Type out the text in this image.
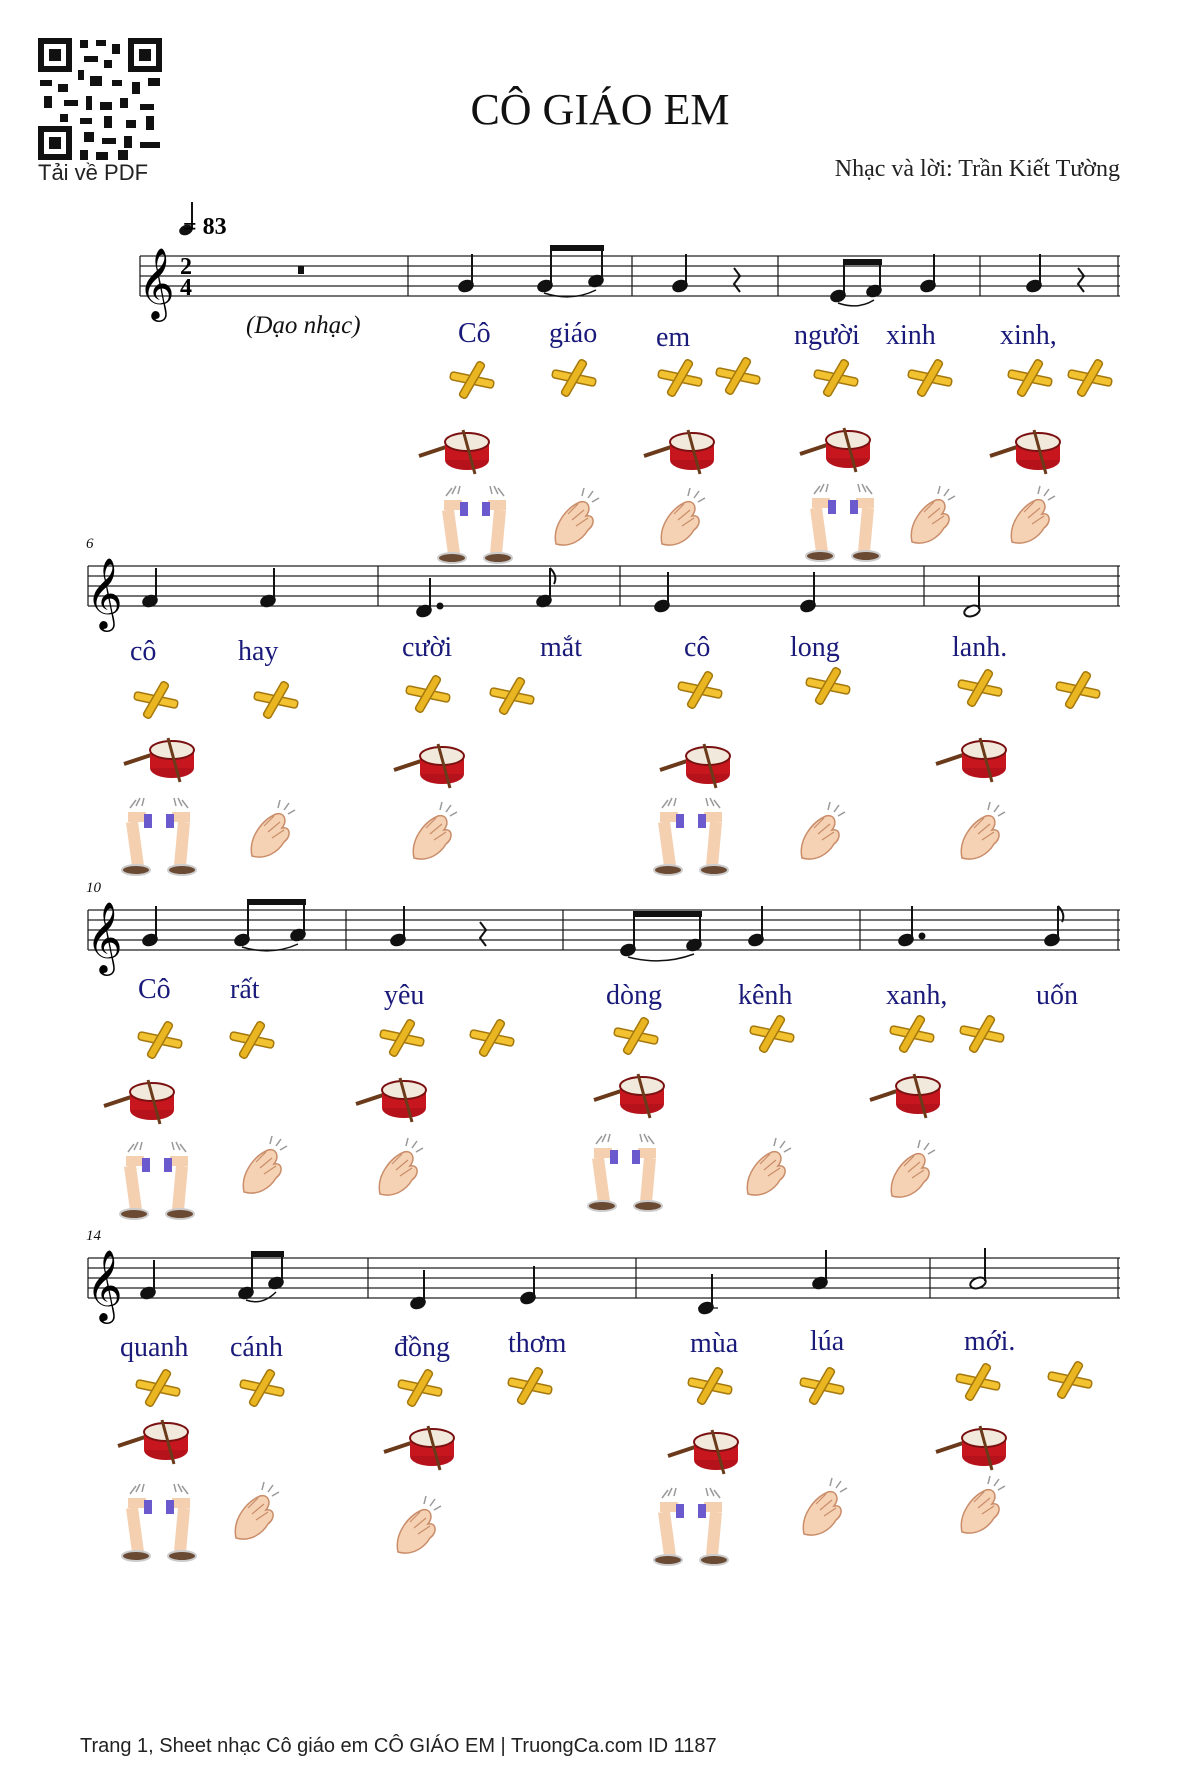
𝄞 2
4
𝄞
𝄞
𝄞
CÔ GIÁO EM
Nhạc và lời: Trần Kiết Tường
Tải về PDF
= 83
(Dạo nhạc)
6
10
14
Cô giáo em	người xinh xinh,
cô	hay	cười	mắt	cô	long	lanh.
Cô rất	yêu	dòng	kênh	xanh,	uốn
quanh cánh	đồng thơm	mùa	lúa	mới.
Trang 1, Sheet nhạc Cô giáo em CÔ GIÁO EM | TruongCa.com ID 1187
